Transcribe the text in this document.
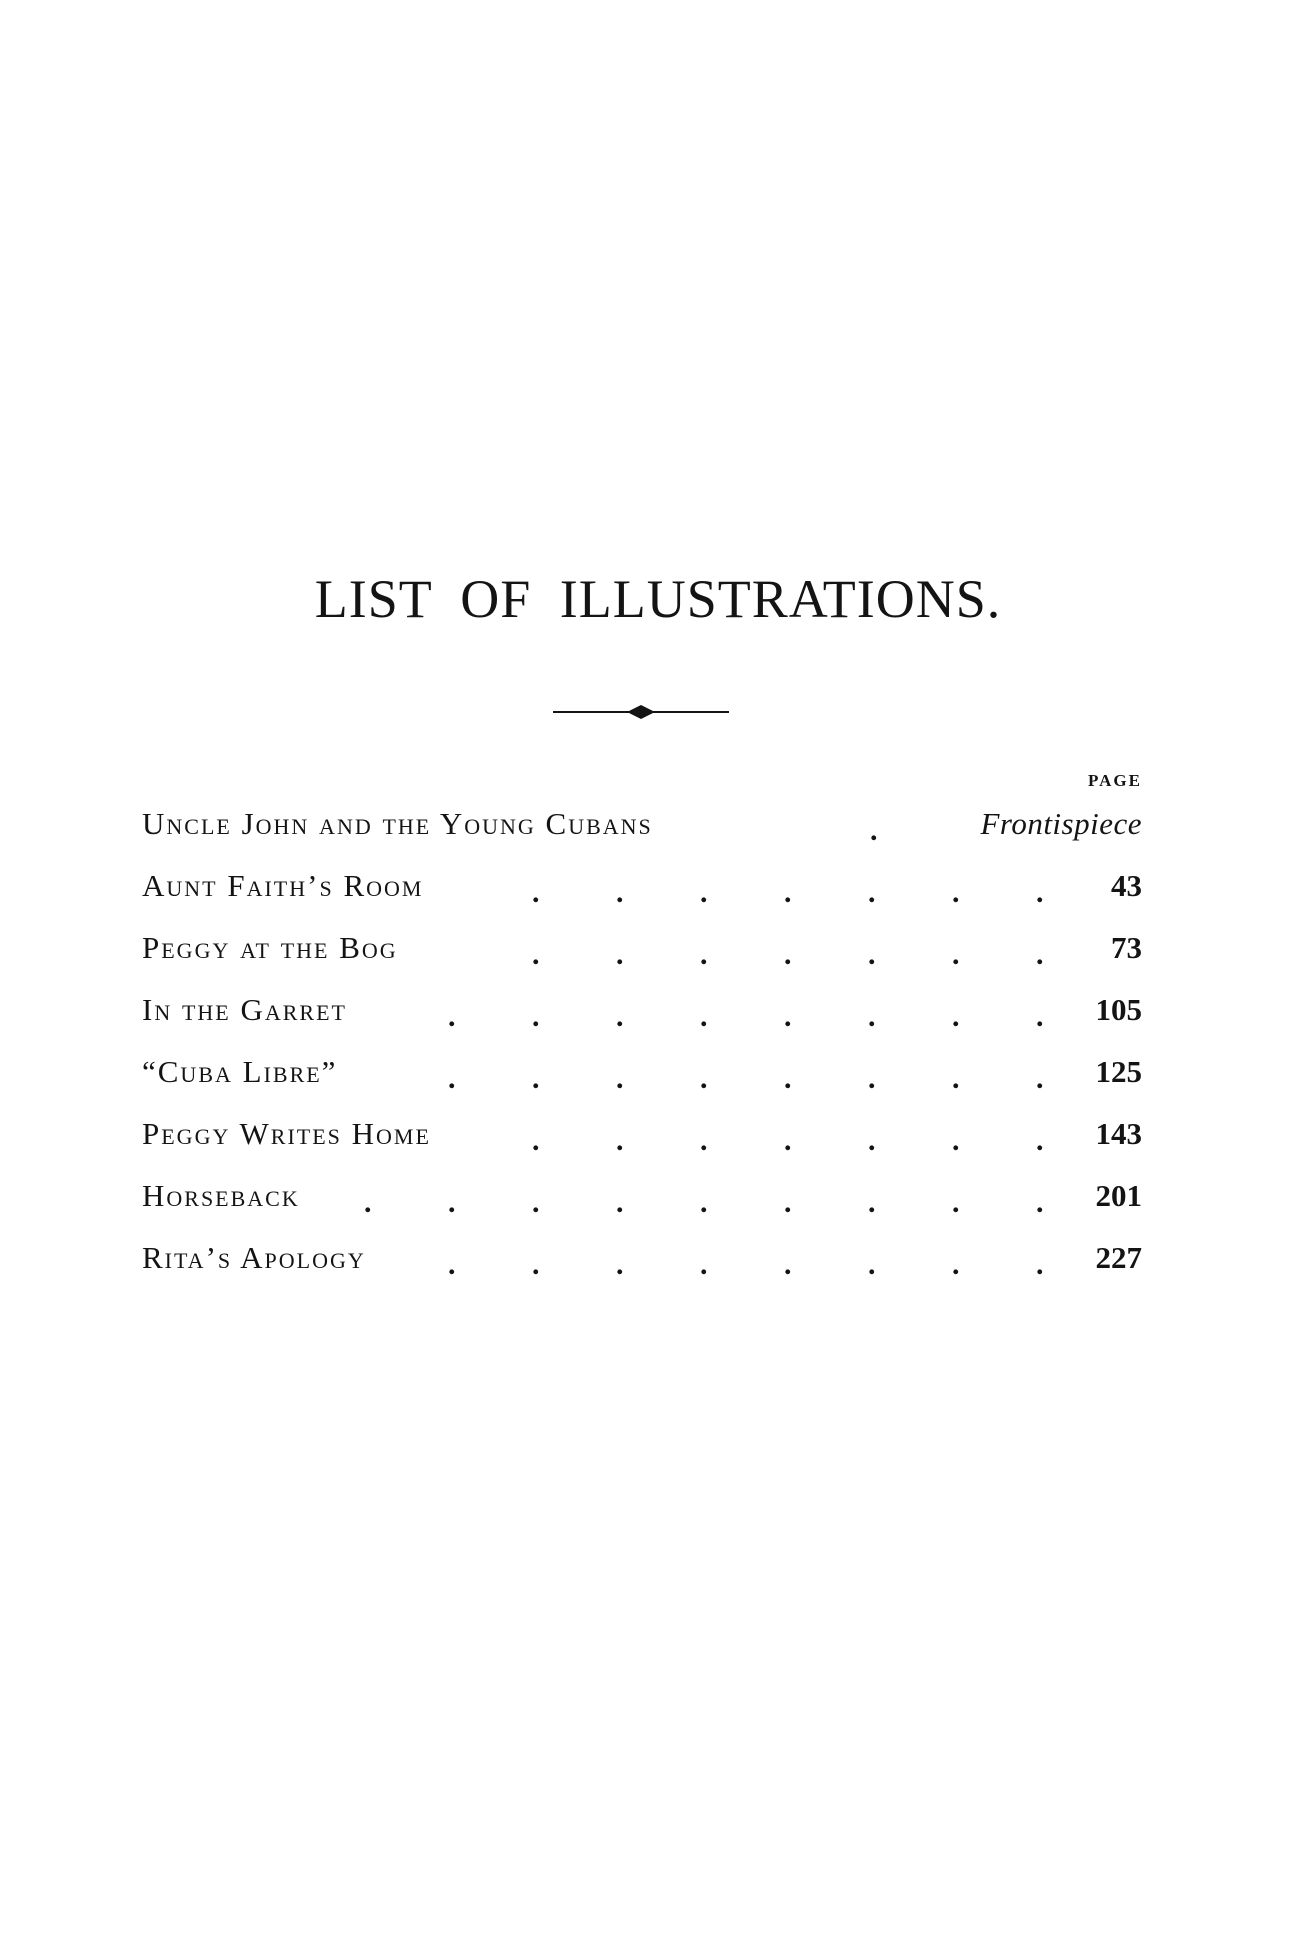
LIST OF ILLUSTRATIONS.
PAGE
Uncle John and the Young Cubans	.	Frontispiece
Aunt Faith’s Room	.	.	.	.	.	.	. 43
Peggy at the Bog	.	.	.	.	.	.	. 73
In the Garret	.	.	.	.	.	.	.	. 105
“Cuba Libre”	.	.	.	.	.	.	.	. 125
Peggy Writes Home	.	.	.	.	.	.	. 143
Horseback .	.	.	.	.	.	.	.	. 201
Rita’s Apology	.	.	.	.	.	.	.	. 227
